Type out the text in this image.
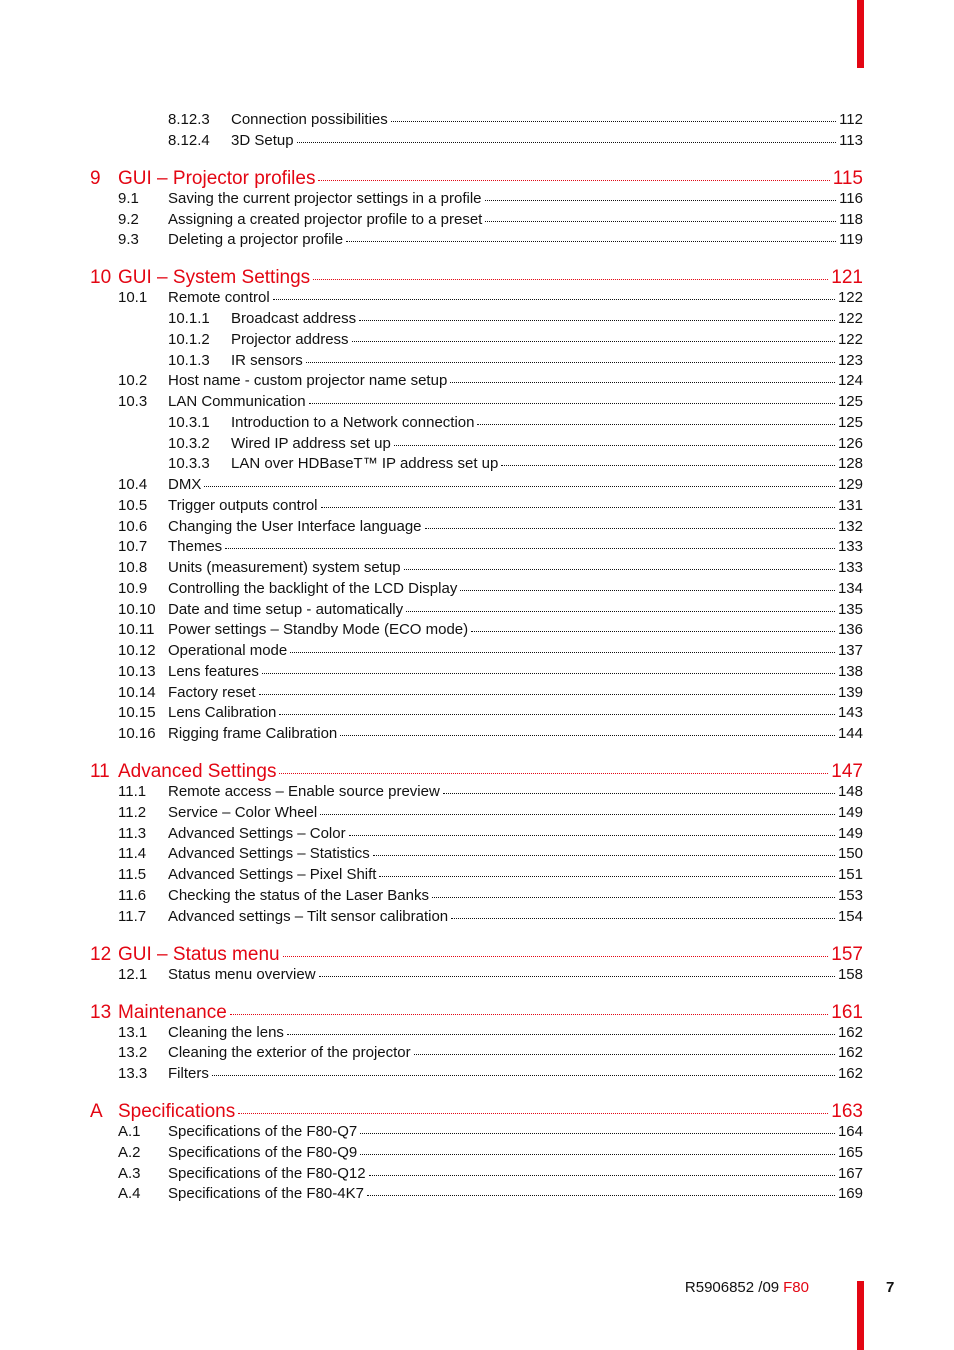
8.12.3	Connection possibilities	112
8.12.4	3D Setup	113
9 GUI – Projector profiles	115
9.1	Saving the current projector settings in a profile	116
9.2	Assigning a created projector profile to a preset	118
9.3	Deleting a projector profile	119
10 GUI – System Settings	121
10.1	Remote control	122
10.1.1	Broadcast address	122
10.1.2	Projector address	122
10.1.3	IR sensors	123
10.2	Host name - custom projector name setup	124
10.3	LAN Communication	125
10.3.1	Introduction to a Network connection	125
10.3.2	Wired IP address set up	126
10.3.3	LAN over HDBaseT™ IP address set up	128
10.4	DMX	129
10.5	Trigger outputs control	131
10.6	Changing the User Interface language	132
10.7	Themes	133
10.8	Units (measurement) system setup	133
10.9	Controlling the backlight of the LCD Display	134
10.10 Date and time setup - automatically	135
10.11 Power settings – Standby Mode (ECO mode)	136
10.12 Operational mode	137
10.13 Lens features	138
10.14 Factory reset	139
10.15 Lens Calibration	143
10.16 Rigging frame Calibration	144
11 Advanced Settings	147
11.1	Remote access – Enable source preview	148
11.2	Service – Color Wheel	149
11.3	Advanced Settings – Color	149
11.4	Advanced Settings – Statistics	150
11.5	Advanced Settings – Pixel Shift	151
11.6	Checking the status of the Laser Banks	153
11.7	Advanced settings – Tilt sensor calibration	154
12 GUI – Status menu	157
12.1	Status menu overview	158
13 Maintenance	161
13.1	Cleaning the lens	162
13.2	Cleaning the exterior of the projector	162
13.3	Filters	162
A Specifications	163
A.1	Specifications of the F80-Q7	164
A.2	Specifications of the F80-Q9	165
A.3	Specifications of the F80-Q12	167
A.4	Specifications of the F80-4K7	169
R5906852 /09 F80	7
